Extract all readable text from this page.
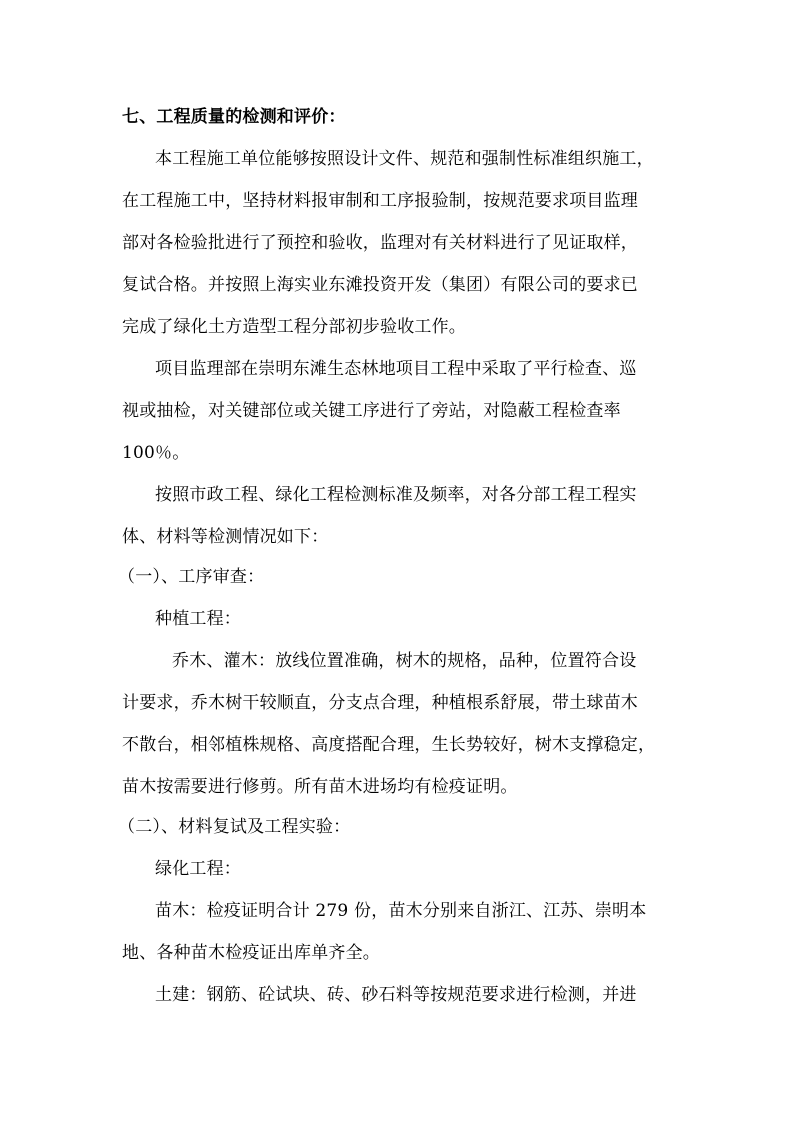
七、工程质量的检测和评价：
本工程施工单位能够按照设计文件、规范和强制性标准组织施工，
在工程施工中，坚持材料报审制和工序报验制，按规范要求项目监理
部对各检验批进行了预控和验收，监理对有关材料进行了见证取样，
复试合格。并按照上海实业东滩投资开发（集团）有限公司的要求已
完成了绿化土方造型工程分部初步验收工作。
项目监理部在崇明东滩生态林地项目工程中采取了平行检查、巡
视或抽检，对关键部位或关键工序进行了旁站，对隐蔽工程检查率
100％。
按照市政工程、绿化工程检测标准及频率，对各分部工程工程实
体、材料等检测情况如下：
（一）、工序审查：
种植工程：
乔木、灌木：放线位置准确，树木的规格，品种，位置符合设
计要求，乔木树干较顺直，分支点合理，种植根系舒展，带土球苗木
不散台，相邻植株规格、高度搭配合理，生长势较好，树木支撑稳定，
苗木按需要进行修剪。所有苗木进场均有检疫证明。
（二）、材料复试及工程实验：
绿化工程：
苗木：检疫证明合计 279 份，苗木分别来自浙江、江苏、崇明本
地、各种苗木检疫证出库单齐全。
土建：钢筋、砼试块、砖、砂石料等按规范要求进行检测，并进
